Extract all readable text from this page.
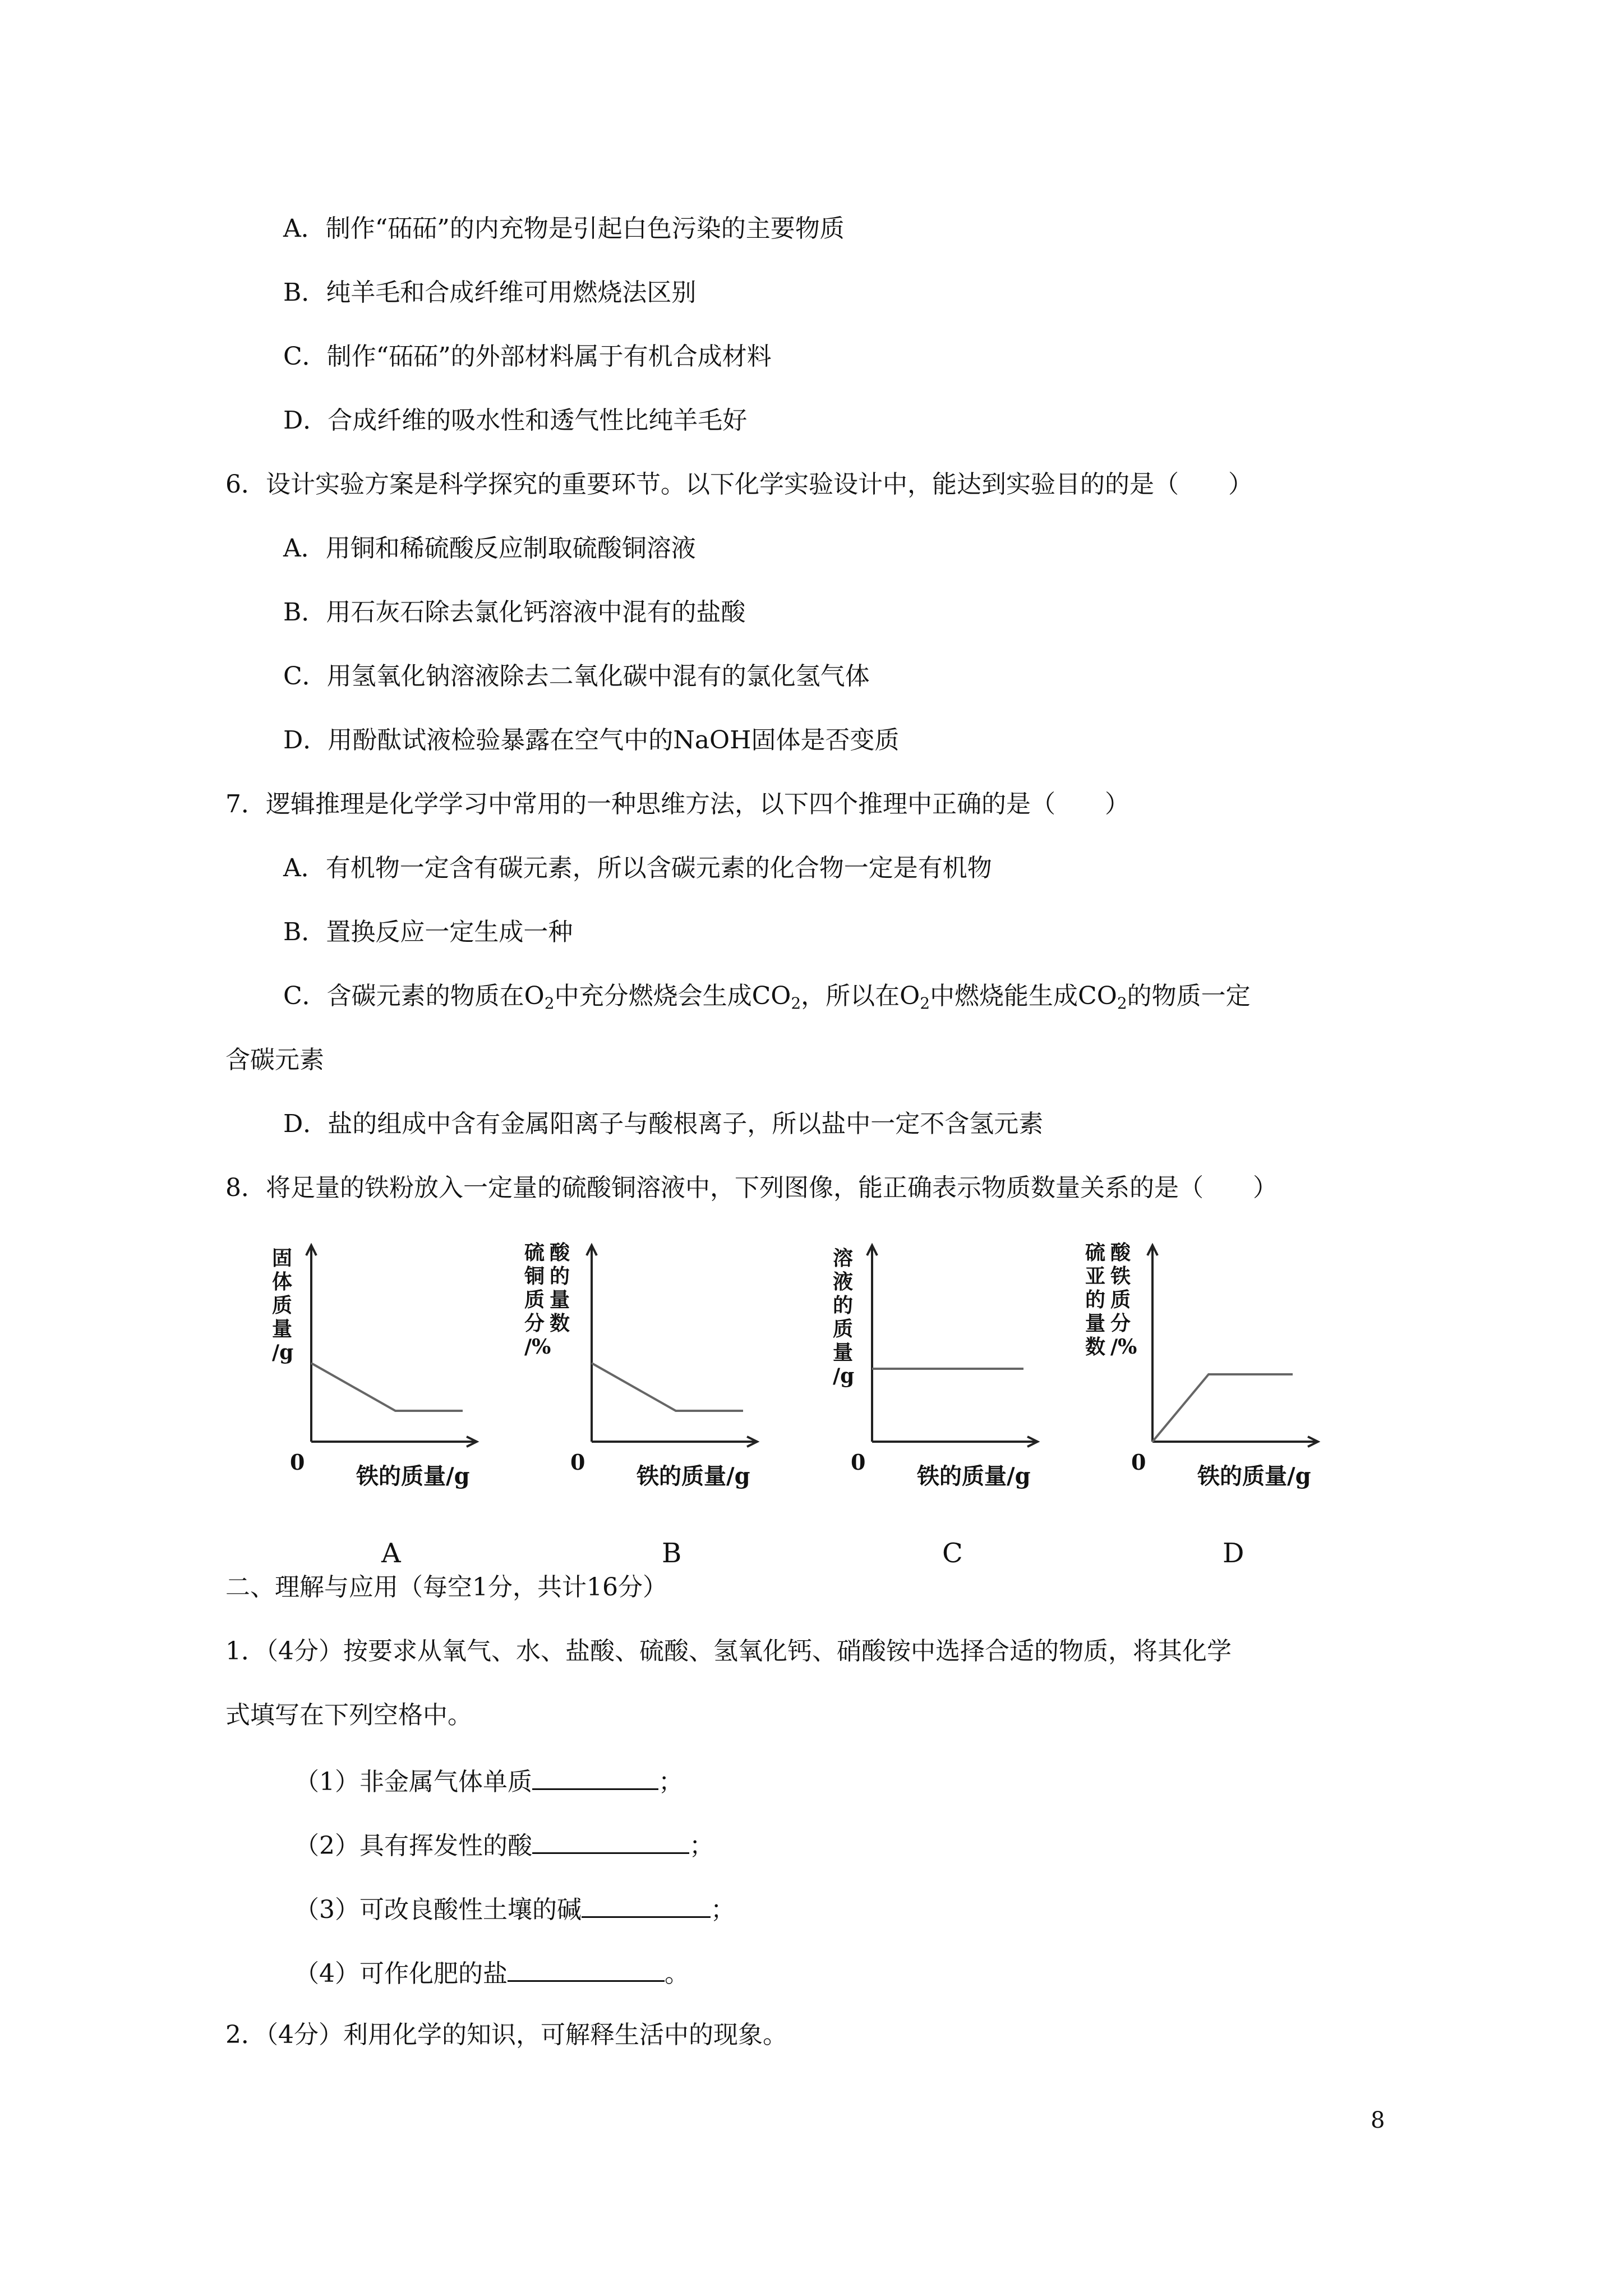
A．制作“砳砳”的内充物是引起白色污染的主要物质
B．纯羊毛和合成纤维可用燃烧法区别
C．制作“砳砳”的外部材料属于有机合成材料
D．合成纤维的吸水性和透气性比纯羊毛好
6．设计实验方案是科学探究的重要环节。以下化学实验设计中，能达到实验目的的是（　　）
A．用铜和稀硫酸反应制取硫酸铜溶液
B．用石灰石除去氯化钙溶液中混有的盐酸
C．用氢氧化钠溶液除去二氧化碳中混有的氯化氢气体
D．用酚酞试液检验暴露在空气中的NaOH固体是否变质
7．逻辑推理是化学学习中常用的一种思维方法，以下四个推理中正确的是（　　）
A．有机物一定含有碳元素，所以含碳元素的化合物一定是有机物
B．置换反应一定生成一种
C．含碳元素的物质在$O_2$中充分燃烧会生成$CO_2$，所以在$O_2$中燃烧能生成$CO_2$的物质一定
含碳元素
D．盐的组成中含有金属阳离子与酸根离子，所以盐中一定不含氢元素
8．将足量的铁粉放入一定量的硫酸铜溶液中，下列图像，能正确表示物质数量关系的是（　　）
0
铁的质量/g
固
体
质
量
/g
A
0
铁的质量/g
硫 酸
铜 的
质 量
分 数
/%
B
0
铁的质量/g
溶
液
的
质
量
/g
C
0
铁的质量/g
硫 酸
亚 铁
的 质
量 分
数 /%
D
二、理解与应用（每空1分，共计16分）
1．（4分）按要求从氧气、水、盐酸、硫酸、氢氧化钙、硝酸铵中选择合适的物质，将其化学
式填写在下列空格中。
（1）非金属气体单质	；
（2）具有挥发性的酸	；
（3）可改良酸性土壤的碱	；
（4）可作化肥的盐	。
2．（4分）利用化学的知识，可解释生活中的现象。
8
